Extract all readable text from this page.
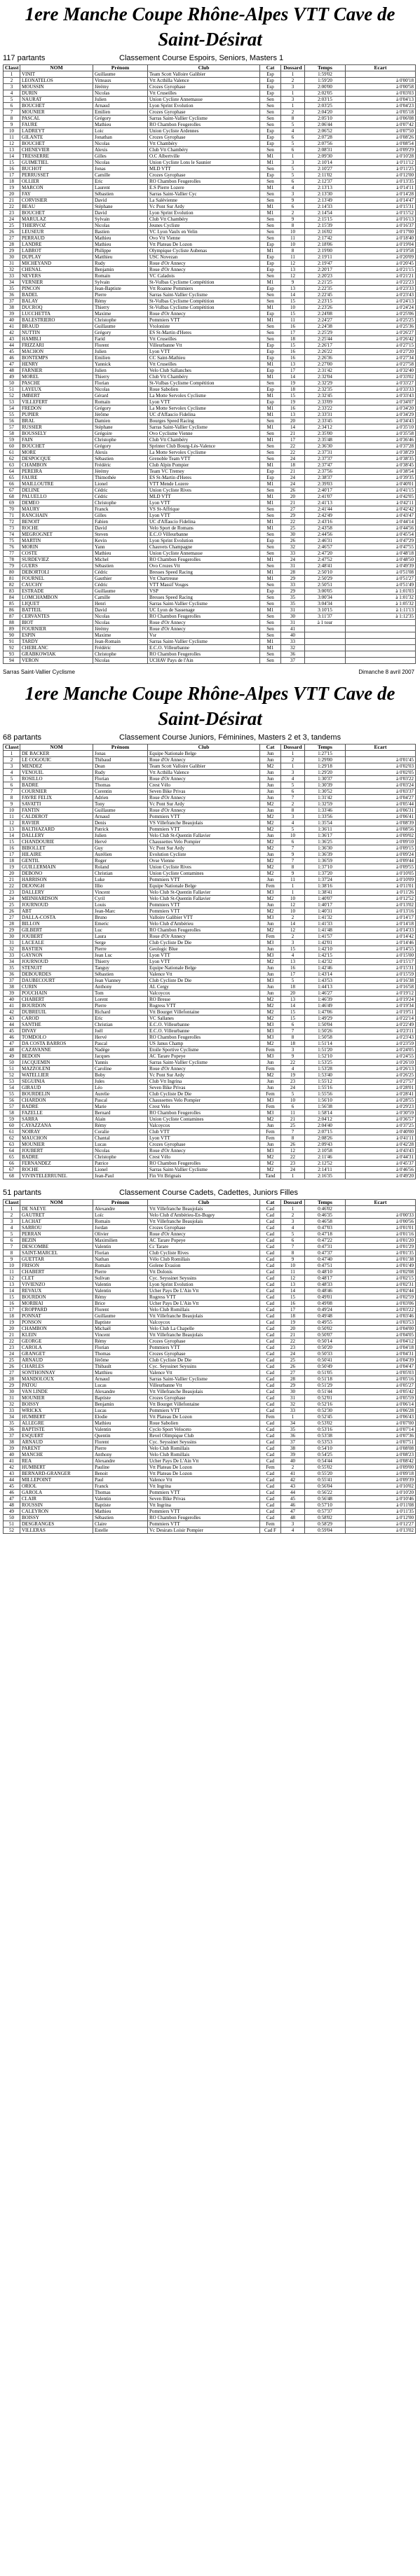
1ere Manche Coupe Rhône-Alpes VTT Cave de Saint-Désirat
117 partants	Classement Course Espoirs, Seniors, Masters 1
Classt	NOM	Prénom	Club	Cat	Dossard	Temps	Ecart
1	VINIT	Guillaume	Team Scott Valloire Galibier	Esp	1	1:59'02	
2	LEONATELOS	Vitteaux	Vtt Acthilla Valence	Esp	2	1:59'20	à 0'00'18
3	MOUSSIN	Jérémy	Crozes Gyrophase	Esp	3	2:00'00	à 0'00'58
4	DURIN	Nicolas	Vtt Cruseilles	Esp	1	2:02'05	à 0'03'03
5	NAURAT	Julien	Union Cycliste Annemasse	Sen	3	2:03'15	à 0'04'13
6	BOUCHET	Arnaud	Lyon Sprint Evolution	Sen	1	2:03'25	à 0'04'23
7	MOUNIER	Emilien	Crozes Gyrophase	Sen	2	2:04'20	à 0'05'18
8	PASCAL	Grégory	Sarras Saint-Vallier Cyclisme	Sen	8	2:05'10	à 0'06'08
9	FAURE	Mathieu	RO Chambon Feugerolles	Sen	5	2:06'44	à 0'07'42
10	LADREYT	Loic	Union Cycliste Ardennes	Esp	4	2:06'52	à 0'07'50
11	GILANTE	Jonathan	Crozes Gyrophase	Esp	6	2:07'28	à 0'08'26
12	BOUCHET	Nicolas	Vtt Chambéry	Esp	5	2:07'56	à 0'08'54
13	CHENEVIER	Alexis	Club Vtt Chambéry	Sen	6	2:08'31	à 0'09'29
14	TRESSERRE	Gilles	O.C Albertville	M1	1	2:09'30	à 0'10'28
15	GUIMETIEL	Nicolas	Union Cycliste Lons le Saunier	M1	3	2:10'14	à 0'11'12
16	BUCHOT	Jonas	MLD VTT	Sen	5	2:10'27	à 0'11'25
17	PERRUSSET	Camille	Crozes Gyrophase	Esp	5	2:11'02	à 0'12'00
18	OLLIER	Eric	RO Chambon Feugerolles	Sen	6	2:12'37	à 0'13'35
19	MARCON	Laurent	E.S Pierre Lozere	M1	4	2:13'13	à 0'14'11
20	FAY	Sébastien	Sarras Saint-Vallier Cyc	Sen	3	2:13'30	à 0'14'28
21	CORVISIER	David	La Salévienne	Sen	9	2:13'49	à 0'14'47
22	BEAU	Stéphane	Vc Pont Sur Ardy	M1	6	2:14'33	à 0'15'31
23	BOUCHET	David	Lyon Sprint Evolution	M1	2	2:14'54	à 0'15'52
24	MARULAZ	Sylvain	Club Vtt Chambéry	Sen	9	2:15'15	à 0'16'13
25	THIERVOZ	Nicolas	Jeunes Cycliste	Sen	8	2:15'39	à 0'16'37
26	LEUSEUR	Bastien	VC Lyon Vaulx en Velin	Sen	10	2:16'02	à 0'17'00
27	PERRAUD	Mathieu	Ovo Vtt Vienne	Sen	11	2:17'42	à 0'18'40
28	LANDRE	Mathieu	Vtt Plateau De Lozon	Esp	10	2:18'06	à 0'19'04
29	LABROT	Philippe	Olympique Cycliste Aubenas	M1	8	2:19'00	à 0'19'58
30	DUPLAY	Matthieu	USC Novezan	Esp	11	2:19'11	à 0'20'09
31	MICHEYAND	Rudy	Roue d'Or Annecy	Esp	12	2:19'47	à 0'20'45
32	CHENAL	Benjamin	Roue d'Or Annecy	Esp	13	2:20'17	à 0'21'15
33	NEVERS	Romain	VC Caladois	Sen	12	2:20'23	à 0'21'21
34	VERNIER	Sylvain	St-Vulbas Cyclisme Compétition	M1	9	2:21'25	à 0'22'23
35	PINCON	Jean-Baptiste	Vtt Roanne Pommiers	Esp	13	2:22'35	à 0'23'33
36	BADEL	Pierre	Sarras Saint-Vallier Cyclisme	Sen	14	2:22'45	à 0'23'43
37	BALAY	Rémy	St-Vulbas Cyclisme Compétition	Sen	15	2:23'15	à 0'24'13
38	DUCROQ	Thierry	St-Vulbas Cyclisme Compétition	M1	10	2:23'26	à 0'24'24
39	LUCCHETTA	Maxime	Roue d'Or Annecy	Esp	15	2:24'08	à 0'25'06
40	BALESTRIERO	Christophe	Pommiers VTT	M1	11	2:24'27	à 0'25'25
41	BRAUD	Guillaume	Vtoloniste	Sen	16	2:24'38	à 0'25'36
42	NUTTIN	Grégory	ES St-Martin d'Heres	Sen	17	2:25'29	à 0'26'27
43	HAMBLI	Farid	Vtt Cruseilles	Sen	18	2:25'44	à 0'26'42
44	FRIZZARI	Florent	Villeurbanne Vtt	Esp	15	2:26'17	à 0'27'15
45	MACHON	Julien	Lyon VTT	Esp	16	2:26'22	à 0'27'20
46	BONTEMPS	Emilien	CC Saint-Mathieu	Esp	16	2:26'36	à 0'27'34
47	HENRY	Yannick	Vtt Cruseilles	M1	13	2:27'00	à 0'27'58
48	FARNIER	Julien	Velo Club Sallanches	Esp	17	2:31'42	à 0'32'40
49	MOREL	Thierry	Club Vtt Chambéry	M1	14	2:32'04	à 0'33'02
50	PASCHE	Florian	St-Vulbas Cyclisme Compétition	Sen	19	2:32'29	à 0'33'27
51	LAYEUX	Nicolas	Roue Sabolien	Esp	18	2:32'35	à 0'33'33
52	IMBERT	Gérard	La Motte Servolex Cyclisme	M1	15	2:32'45	à 0'33'43
53	VILLEFERT	Romain	Lyon VTT	Esp	19	2:33'09	à 0'34'07
54	FREDON	Grégory	La Motte Servolex Cyclisme	M1	16	2:33'22	à 0'34'20
55	PUPIER	Jérôme	UC d'Affaucio Fidelina	M1	13	2:33'31	à 0'34'29
56	BRAL	Damien	Bourges Speed Racing	Sen	20	2:33'45	à 0'34'43
57	RUSSIER	Stéphane	Sarras Saint-Vallier Cyclisme	M1	14	2:34'12	à 0'35'10
58	BOUSSELY	Grégoire	Ovo Cyclisme Vienne	Sen	21	2:35'00	à 0'35'58
59	FAIN	Christophe	Club Vtt Chambéry	M1	17	2:35'48	à 0'36'46
60	BOUCHET	Grégory	Sprinter Club Bourg-Lès-Valence	Sen	22	2:36'30	à 0'37'28
61	MORE	Alexis	La Motte Servolex Cyclisme	Sen	22	2:37'31	à 0'38'29
62	DESPOCQUE	Sébastien	Grenoble Team VTT	Sen	24	2:37'37	à 0'38'35
63	CHAMBON	Frédéric	Club Alpin Pompier	M1	18	2:37'47	à 0'38'45
64	PEREIRA	Jérémy	Team VC Tremey	Esp	21	2:37'56	à 0'38'54
65	FAURE	Thimothée	ES St-Martin d'Heres	Esp	24	2:38'37	à 0'39'35
66	MAILLOUTRE	Lionel	VTT Mende Lozere	M1	24	2:39'03	à 0'40'01
67	DELINE	Cédric	Union Cycliste Rives	Sen	26	2:40'17	à 0'41'15
68	PALUELLO	Cédric	MLD VTT	M1	20	2:41'07	à 0'42'05
69	DEMEO	Christophe	Lyon VTT	M1	21	2:41'13	à 0'42'11
70	MAURY	Franck	VS St-Affrique	Sen	27	2:41'44	à 0'42'42
71	RANCHAIN	Gilles	Lyon VTT	Sen	29	2:42'49	à 0'43'47
72	BENOIT	Fabien	UC d'Affaucio Fidelina	M1	22	2:43'16	à 0'44'14
73	ROCHE	David	Velo Sport de Romans	M1	25	2:43'58	à 0'44'56
74	MEGROGNET	Steven	E.C.O Villeurbanne	Sen	30	2:44'56	à 0'45'54
75	MARTIN	Kevin	Lyon Sprint Evolution	Esp	26	2:46'31	à 0'47'29
76	MORIN	Yann	Chauvets Champagne	Sen	32	2:46'57	à 0'47'55
77	COSTE	Mathieu	Union Cycliste Annemasse	Sen	33	2:47'20	à 0'48'18
78	SURDEVIEZ	Michel	RO Chambon Feugerolles	M1	24	2:47'52	à 0'48'50
79	GUERS	Sébastien	Ovo Crozes Vtt	Sen	31	2:48'41	à 0'49'39
80	DEBORTOLI	Cédric	Bresses Speed Racing	M1	28	2:50'10	à 0'51'08
81	FOURNEL	Gauthier	Vtt Chartreuse	M1	29	2:50'29	à 0'51'27
82	CAUCHY	Cédric	VTT Massif Vosges	Sen	33	2:50'51	à 0'51'49
83	ESTRADE	Guillaume	VSP	Esp	29	3:00'05	à 1:01'03
84	LOMCHAMBON	Camille	Bresses Speed Racing	Sen	35	3:00'34	à 1:01'32
85	LIQUET	Henri	Sarras Saint-Vallier Cyclisme	Sen	35	3:04'34	à 1:05'32
86	BATTEIL	David	UC Lyon de Sassenage	M1	31	3:10'15	à 1:11'13
87	CERVANTES	Nicolas	RO Chambon Feugerolles	Sen	30	3:11'37	à 1:12'35
88	BIOT	Nicolas	Roue d'Or Annecy	Sen	31	à 1 tour	
89	FOURNIER	Jérémy	Roue d'Or Annecy	Sen	41		
90	ESPIN	Maxime	Vsr	Sen	40		
91	TARDY	Jean-Romain	Sarras Saint-Vallier Cyclisme	M1	33		
92	CHEBLANC	Frédéric	E.C.O. Villeurbanne	M1	32		
93	GRABKOWIAK	Christophe	RO Chambon Feugerolles	Sen	36		
94	VERON	Nicolas	UCHAV Pays de l'Ain	Sen	37		
Sarras Saint-Vallier Cyclisme	Dimanche 8 avril 2007
1ere Manche Coupe Rhône-Alpes VTT Cave de Saint-Désirat
68 partants	Classement Course Juniors, Féminines, Masters 2 et 3, tandems
Classt	NOM	Prénom	Club	Cat	Dossard	Temps	Ecart
1	DE BACKER	Jonas	Equipe Nationale Belge	Jun	1	1:27'15	
2	LE COGOUIC	Thibaud	Roue d'Or Annecy	Jun	2	1:29'00	à 0'01'45
3	MENDEZ	Dean	Team Scott Valloire Galibier	M2	1	1:29'18	à 0'02'03
4	VENOUIL	Rudy	Vtt Acthilla Valence	Jun	3	1:29'20	à 0'02'05
5	ROSILLO	Florian	Roue d'Or Annecy	Jun	4	1:30'37	à 0'03'22
6	BADRE	Thomas	Crest Vélo	Jun	5	1:30'39	à 0'03'24
7	COURNIER	Corentin	Seven Bike Privas	Jun	6	1:30'52	à 0'03'37
8	FAVRE FELIX	Adrien	Roue d'Or Annecy	Jun	7	1:31'42	à 0'04'27
9	SAVATTI	Tony	Vc Pont Sur Ardy	M2	2	1:32'59	à 0'05'44
10	FANTIN	Guillaume	Roue d'Or Annecy	Jun	8	1:33'46	à 0'06'31
11	CALDEROT	Arnaud	Pommiers VTT	M2	3	1:33'56	à 0'06'41
12	RAVIER	Denis	VS Villefranche Beaujolais	M2	4	1:35'54	à 0'08'39
13	BALTHAZARD	Patrick	Pommiers VTT	M2	5	1:36'11	à 0'08'56
14	DALLERY	Julien	Velo Club St-Quentin Fallavier	Jun	10	1:36'17	à 0'09'02
15	CHANDOURIE	Hervé	Chaussettes Velo Pompier	M2	6	1:36'25	à 0'09'10
16	BIBOLLET	Guy	Vc Pont Sur Ardy	M2	7	1:36'30	à 0'09'15
17	HILAIRE	Aurélien	Evolution Cycliste	Jun	9	1:36'39	à 0'09'24
18	GENTIL	Roger	Ovse Vienne	M2	7	1:36'59	à 0'09'44
19	GUILLERMAIN	Roland	Union Cycliste Rives	M2	8	1:37'10	à 0'09'55
20	DEBONO	Christian	Union Cycliste Contamines	M2	9	1:37'20	à 0'10'05
21	HARRISON	Luke	Pommiers VTT	Jun	11	1:37'24	à 0'10'09
22	DEJONGH	Illio	Equipe Nationale Belge	Fem	1	1:38'16	à 0'11'01
23	DALLERY	Vincent	Velo Club St-Quentin Fallavier	M3	1	1:38'41	à 0'11'26
24	MEINHARDSON	Cyril	Velo Club St-Quentin Fallavier	M2	10	1:40'07	à 0'12'52
25	JOURNOUD	Louis	Pommiers VTT	Jun	12	1:40'17	à 0'13'02
26	ABT	Jean-Marc	Pommiers VTT	M2	10	1:40'31	à 0'13'16
27	DALLA-COSTA	Bruno	Valloire Galibier VTT	M3	2	1:41'32	à 0'14'17
28	BILLON	Emeric	Velo Club d'Ambérieu	Jun	14	1:41'33	à 0'14'18
29	GILBERT	Luc	RO Chambon Feugerolles	M2	12	1:41'48	à 0'14'33
30	JOUBERT	Laura	Roue d'Or Annecy	Fem	2	1:41'57	à 0'14'42
31	LACEALE	Serge	Club Cycliste De Die	M3	3	1:42'01	à 0'14'46
32	BASTIEN	Pierre	Geologic Blue	Jun	15	1:42'10	à 0'14'55
33	GAYNON	Jean Luc	Lyon VTT	M3	4	1:42'15	à 0'15'00
34	JOURNOUD	Thierry	Lyon VTT	M2	13	1:42'32	à 0'15'17
35	STENUIT	Tanguy	Equipe Nationale Belge	Jun	16	1:42'46	à 0'15'31
36	DEBOURDES	Sébastien	Valence Vtt	Jun	17	1:43'14	à 0'15'59
37	DAUBECOURT	Jean Vianney	Club Cycliste De Die	M3	5	1:43'53	à 0'16'38
38	CURIN	Anthony	AL Cergy	Jun	18	1:44'13	à 0'16'58
39	POUCHAIN	Tom	Valcoycox	Jun	20	1:46'27	à 0'19'12
40	CHABERT	Lorent	RO Bresse	M2	13	1:46'39	à 0'19'24
41	BOURDON	Pierre	Rogress VTT	M2	14	1:46'49	à 0'19'34
42	DUBREUIL	Richard	Vtt Bourget Villefontaine	M2	15	1:47'06	à 0'19'51
43	CAROD	Eric	VC Sallanes	M2	15	1:49'29	à 0'22'14
44	SANTHE	Christian	E.C.O. Villeurbanne	M3	6	1:50'04	à 0'22'49
45	DIVAY	Joël	E.C.O. Villeurbanne	M3	7	1:50'26	à 0'23'11
46	TOMDOLO	Hervé	RO Chambon Feugerolles	M3	8	1:50'58	à 0'23'43
47	DA COSTA BARROS	Pascal	US Janus Champ	M2	18	1:51'14	à 0'23'59
48	CAZAVANNE	Nadège	Etoile Sportive Cyclisme	Fem	3	1:51'20	à 0'24'05
49	BEDOIN	Jacques	AC Tarare Popeye	M3	9	1:52'10	à 0'24'55
50	JACQUEMIN	Yannis	Sarras Saint-Vallier Cyclisme	Jun	22	1:53'25	à 0'26'10
51	MAZZOLENI	Caroline	Roue d'Or Annecy	Fem	4	1:53'28	à 0'26'13
52	WATELLIER	Boby	Vc Pont Sur Ardy	M2	19	1:53'40	à 0'26'25
53	SEGUINIA	Jules	Club Vtt Ingrina	Jun	23	1:55'12	à 0'27'57
54	GIRAUD	Léo	Seven Bike Privas	Jun	24	1:55'16	à 0'28'01
55	BOURDELIN	Aurelie	Club Cycliste De Die	Fem	5	1:55'56	à 0'28'41
56	CHARDON	Pascal	Chaussettes Velo Pompier	M3	10	1:56'10	à 0'28'55
57	BADRE	Marie	Crest Velo	Fem	6	1:56'38	à 0'29'23
58	FAZELLE	Bernard	RO Chambon Feugerolles	M3	11	1:58'14	à 0'30'59
59	SARRA	Alain	Union Cycliste Contamines	M2	21	2:04'12	à 0'36'57
60	CAYAZZANA	Rémy	Valcoycox	Jun	25	2:04'40	à 0'37'25
61	NOIRAY	Coralie	Club VTT	Fem	7	2:07'15	à 0'40'00
62	MAUCHON	Chantal	Lyon VTT	Fem	8	2:08'26	à 0'41'11
63	MOUNIER	Lucas	Crozes Gyrophase	Jun	26	2:09'43	à 0'42'28
64	JOUBERT	Nicolas	Roue d'Or Annecy	M3	12	2:10'58	à 0'43'43
65	BADRE	Christophe	Crest Vélo	M2	22	2:11'46	à 0'44'31
66	FERNANDEZ	Patrice	RO Chambon Feugerolles	M2	23	2:12'52	à 0'45'37
67	ROCHE	Lionel	Sarras Saint-Vallier Cyclisme	M2	24	2:14'11	à 0'46'56
68	VIVINTELERRUNEL	Jean-Paul	Fin Vtt Brignais	Tand	1	2:16'35	à 0'49'20
51 partants	Classement Course Cadets, Cadettes, Juniors Filles
Classt	NOM	Prénom	Club	Cat	Dossard	Temps	Ecart
1	DE NAEYE	Alexandre	Vtt Villefranche Beaujolais	Cad	1	0:46'02	
2	GAUTRET	Loïc	Velo Club d'Ambérieu-En-Bugey	Cad	2	0:46'35	à 0'00'33
3	LACHAT	Romain	Vtt Villefranche Beaujolais	Cad	3	0:46'58	à 0'00'56
4	SARROU	Jordan	Crozes Gyrophase	Cad	4	0:47'03	à 0'01'01
5	PERRAN	Olivier	Roue d'Or Annecy	Cad	5	0:47'18	à 0'01'16
6	BEZIN	Maximilien	AC Tarare Popeye	Cad	6	0:47'22	à 0'01'20
7	DESCOMBE	Valentin	Cc Tarare	Cad	7	0:47'31	à 0'01'29
8	SAINT-MARCEL	Florian	Club Cycliste Rives	Cad	8	0:47'37	à 0'01'35
9	GUETTAR	Nathan	Vélo Club Romillais	Cad	9	0:47'40	à 0'01'38
10	FRISON	Romain	Golene Evasion	Cad	10	0:47'51	à 0'01'49
11	CHABERT	Pierre	Vtt Dolonis	Cad	11	0:48'10	à 0'02'08
12	CLET	Sulivan	Cyc. Seyssinet Seyssins	Cad	12	0:48'17	à 0'02'15
13	VIVIENZO	Valentin	Lyon Sprint Evolution	Cad	13	0:48'33	à 0'02'31
14	REVAUX	Valentin	Ucher Pays De L'Ain Vtt	Cad	14	0:48'46	à 0'02'44
15	BOURDON	Rémy	Rogress VTT	Cad	15	0:49'01	à 0'02'59
16	MORBIAI	Brice	Ucher Pays De L'Ain Vtt	Cad	16	0:49'08	à 0'03'06
17	CROPPARD	Florent	Velo Club Romillais	Cad	17	0:49'24	à 0'03'22
18	PONNAT	Guillaume	Vtt Villefranche Beaujolais	Cad	18	0:49'48	à 0'03'46
19	PONSON	Baptiste	Valcoycox	Cad	19	0:49'55	à 0'03'53
20	CHAMBON	Michaël	Velo Club La Chapelle	Cad	20	0:50'02	à 0'04'00
21	KLEIN	Vincent	Vtt Villefranche Beaujolais	Cad	21	0:50'07	à 0'04'05
22	GEORGE	Rémy	Crozes Gyrophase	Cad	22	0:50'14	à 0'04'12
23	CAROLA	Florian	Pommiers VTT	Cad	23	0:50'20	à 0'04'18
24	GRANGET	Thomas	Crozes Gyrophase	Cad	24	0:50'33	à 0'04'31
25	ARNAUD	Jérôme	Club Cycliste De Die	Cad	25	0:50'41	à 0'04'39
26	CHARLES	Thibault	Cyc. Seyssinet Seyssins	Cad	26	0:50'49	à 0'04'47
27	SONTHONNAY	Matthieu	Valence Vtt	Cad	27	0:51'05	à 0'05'03
28	MANDOLOUX	Arnaud	Sarras Saint-Vallier Cyclisme	Cad	28	0:51'18	à 0'05'16
29	PATOU	Lucas	Villeurbanne Vtt	Cad	29	0:51'29	à 0'05'27
30	VAN LINDE	Alexandre	Vtt Villefranche Beaujolais	Cad	30	0:51'44	à 0'05'42
31	MOUNIER	Baptiste	Crozes Gyrophase	Cad	31	0:52'01	à 0'05'59
32	BOISSY	Benjamin	Vtt Bourget Villefontaine	Cad	32	0:52'16	à 0'06'14
33	WRICKX	Lucas	Pommiers VTT	Cad	33	0:52'30	à 0'06'28
34	HUMBERT	Elodie	Vtt Plateau De Lozon	Fem	1	0:52'45	à 0'06'43
35	ALLEGRE	Mathieu	Roue Sabolien	Cad	34	0:53'02	à 0'07'00
36	BAPTISTE	Valentin	Cyclo Sport Veloceto	Cad	35	0:53'16	à 0'07'14
37	ESQUERT	Quentin	Revel Olimpique Club	Cad	36	0:53'38	à 0'07'36
38	ARNAUD	Florent	Cyc. Seyssinet Seyssins	Cad	37	0:53'53	à 0'07'51
39	PARENT	Pierre	Velo Club Romillais	Cad	38	0:54'10	à 0'08'08
40	MANCHE	Anthony	Velo Club Romillais	Cad	39	0:54'25	à 0'08'23
41	REA	Alexandre	Ucher Pays De L'Ain Vtt	Cad	40	0:54'44	à 0'08'42
42	HUMBERT	Pauline	Vtt Plateau De Lozon	Fem	2	0:55'02	à 0'09'00
43	BERNARD-GRANGER	Benoit	Vtt Plateau De Lozon	Cad	41	0:55'20	à 0'09'18
44	MILLEPOINT	Paul	Valence Vtt	Cad	42	0:55'41	à 0'09'39
45	ORIOL	Franck	Vtt Ingrina	Cad	43	0:56'04	à 0'10'02
46	GAROLA	Thomas	Pommiers VTT	Cad	44	0:56'22	à 0'10'20
47	CLAIR	Valentin	Seven Bike Privas	Cad	45	0:56'48	à 0'10'46
48	ROUSSIN	Baptiste	Vtt Ingrina	Cad	46	0:57'10	à 0'11'08
49	CALEYRON	Mathieu	Pommiers VTT	Cad	47	0:57'37	à 0'11'35
50	BOISSY	Sébastien	RO Chambon Feugerolles	Cad	48	0:58'02	à 0'12'00
51	DESGRANGES	Claire	Pommiers VTT	Fem	3	0:58'29	à 0'12'27
52	VILLERAS	Estelle	Vc Desirats Loisir Pompier	Cad F	4	0:59'04	à 0'13'02
